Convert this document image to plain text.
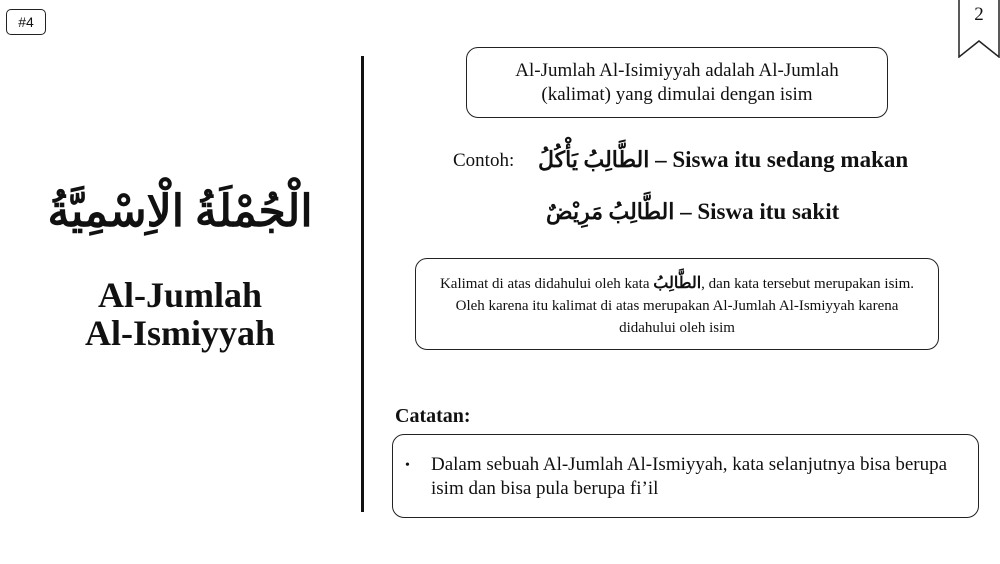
#4	2
الْجُمْلَةُ الْاِسْمِيَّةُ
Al-Jumlah
Al-Ismiyyah
Al-Jumlah Al-Isimiyyah adalah Al-Jumlah
(kalimat) yang dimulai dengan isim
Contoh: الطَّالِبُ يَأْكُلُ – Siswa itu sedang makan
الطَّالِبُ مَرِيْضٌ – Siswa itu sakit
Kalimat di atas didahului oleh kata الطَّالِبُ, dan kata tersebut merupakan isim. Oleh karena itu kalimat di atas merupakan Al-Jumlah Al-Ismiyyah karena didahului oleh isim
Catatan:
•	Dalam sebuah Al-Jumlah Al-Ismiyyah, kata selanjutnya bisa berupa isim dan bisa pula berupa fi’il
